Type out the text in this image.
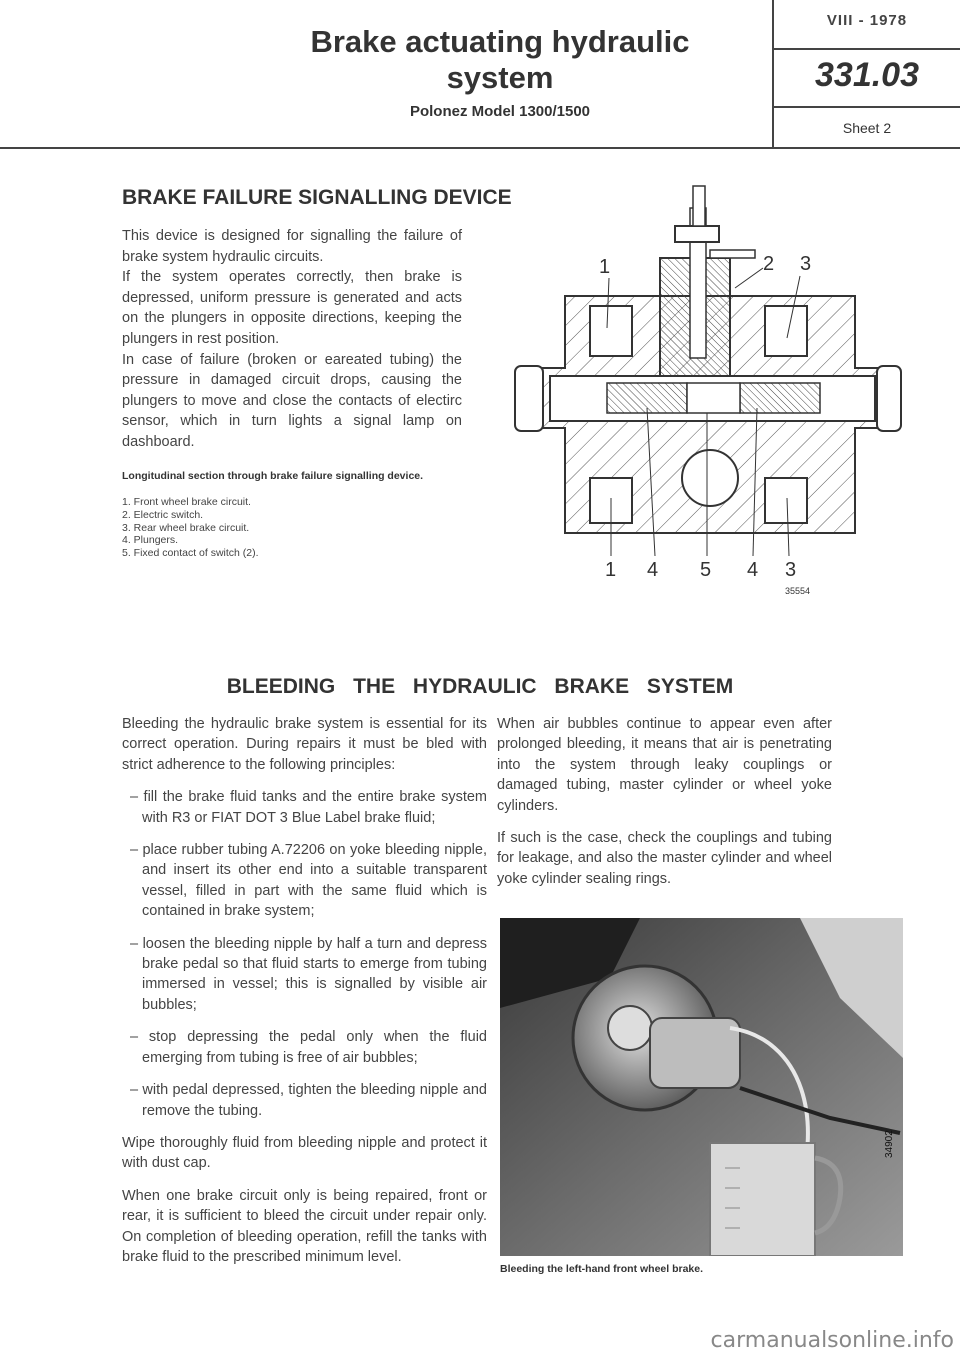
Brake actuating hydraulic
system
Polonez Model 1300/1500
VIII - 1978
331.03
Sheet 2
BRAKE FAILURE SIGNALLING DEVICE

This device is designed for signalling the failure of brake system hydraulic circuits.

If the system operates correctly, then brake is depressed, uniform pressure is generated and acts on the plungers in opposite directions, keeping the plungers in rest position.

In case of failure (broken or eareated tubing) the pressure in damaged circuit drops, causing the plungers to move and close the contacts of electirc sensor, which in turn lights a signal lamp on dashboard.

Longitudinal section through brake failure signalling device.
1. Front wheel brake circuit.
2. Electric switch.
3. Rear wheel brake circuit.
4. Plungers.
5. Fixed contact of switch (2).
1	2 3
1 4 5 4 3
35554
BLEEDING THE HYDRAULIC BRAKE SYSTEM

Bleeding the hydraulic brake system is essential for its correct operation. During repairs it must be bled with strict adherence to the following principles:

– fill the brake fluid tanks and the entire brake system with R3 or FIAT DOT 3 Blue Label brake fluid;

– place rubber tubing A.72206 on yoke bleeding nipple, and insert its other end into a suitable transparent vessel, filled in part with the same fluid which is contained in brake system;

– loosen the bleeding nipple by half a turn and depress brake pedal so that fluid starts to emerge from tubing immersed in vessel; this is signalled by visible air bubbles;

– stop depressing the pedal only when the fluid emerging from tubing is free of air bubbles;

– with pedal depressed, tighten the bleeding nipple and remove the tubing.

Wipe thoroughly fluid from bleeding nipple and protect it with dust cap.

When one brake circuit only is being repaired, front or rear, it is sufficient to bleed the circuit under repair only. On completion of bleeding operation, refill the tanks with brake fluid to the prescribed minimum level.

When air bubbles continue to appear even after prolonged bleeding, it means that air is penetrating into the system through leaky couplings or damaged tubing, master cylinder or wheel yoke cylinders.

If such is the case, check the couplings and tubing for leakage, and also the master cylinder and wheel yoke cylinder sealing rings.

34902
Bleeding the left-hand front wheel brake.
carmanualsonline.info
